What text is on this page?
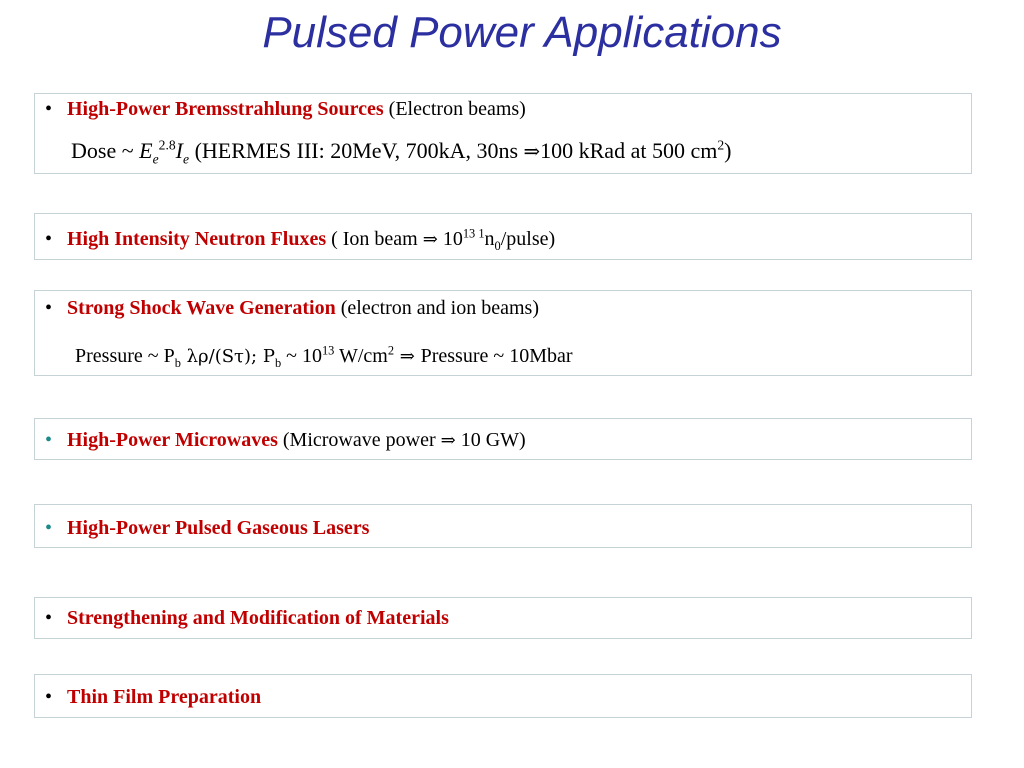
Pulsed Power Applications
• High-Power Bremsstrahlung Sources (Electron beams)
Dose ~ $E_e^{2.8}I_e$ (HERMES III: 20MeV, 700kA, 30ns ⇒100 kRad at 500 $cm^2$)
• High Intensity Neutron Fluxes ( Ion beam ⇒ $10^{13}$ $^1n_0/pulse$)
• Strong Shock Wave Generation (electron and ion beams)
Pressure ~ $P_b$ λρ/(Sτ); $P_b$ ~ $10^{13}$ $W/cm^2$ ⇒ Pressure ~ 10Mbar
• High-Power Microwaves (Microwave power ⇒ 10 GW)
• High-Power Pulsed Gaseous Lasers
• Strengthening and Modification of Materials
• Thin Film Preparation
